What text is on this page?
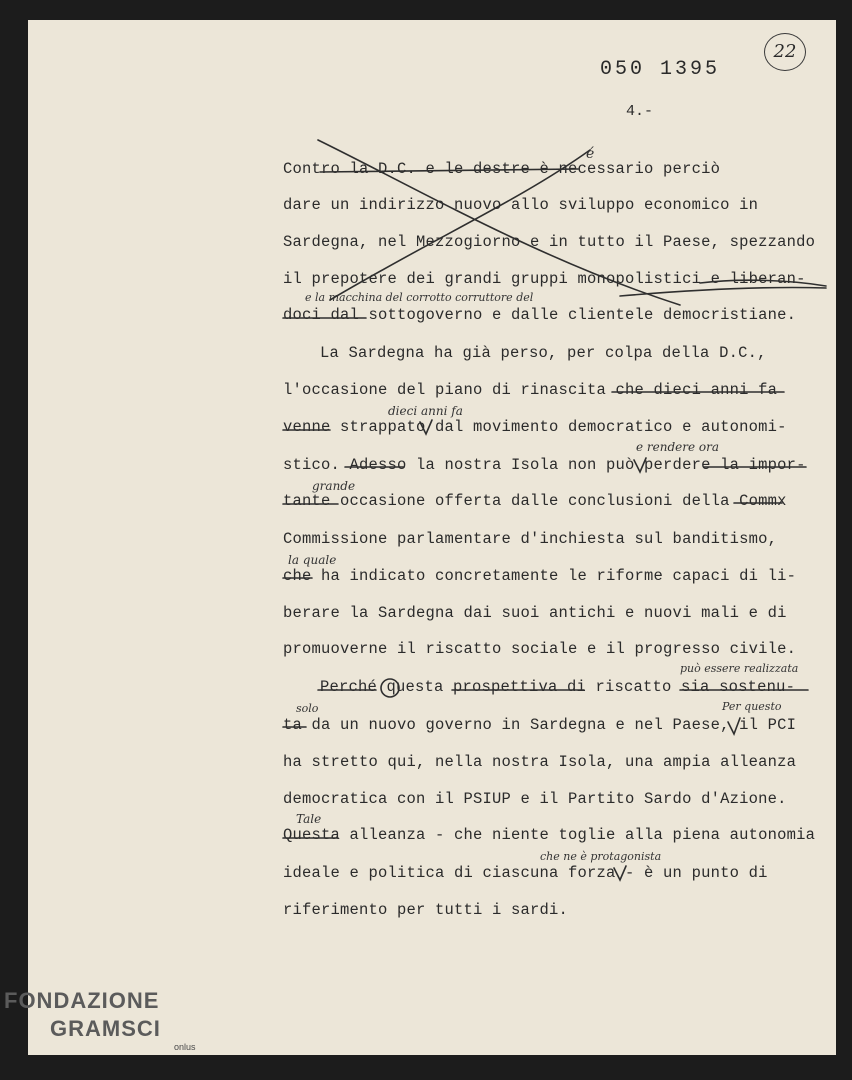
050 1395
22
4.-
Contro la D.C. e le destre è necessario perciò
dare un indirizzo nuovo allo sviluppo economico in
Sardegna, nel Mezzogiorno e in tutto il Paese, spezzando
il prepotere dei grandi gruppi monopolistici e liberan-
doci dal sottogoverno e dalle clientele democristiane.
La Sardegna ha già perso, per colpa della D.C.,
l'occasione del piano di rinascita che dieci anni fa
venne strappato dal movimento democratico e autonomi-
stico. Adesso la nostra Isola non può perdere la impor-
tante occasione offerta dalle conclusioni della Commx
Commissione parlamentare d'inchiesta sul banditismo,
che ha indicato concretamente le riforme capaci di li-
berare la Sardegna dai suoi antichi e nuovi mali e di
promuoverne il riscatto sociale e il progresso civile.
Perché questa prospettiva di riscatto sia sostenu-
ta da un nuovo governo in Sardegna e nel Paese, il PCI
ha stretto qui, nella nostra Isola, una ampia alleanza
democratica con il PSIUP e il Partito Sardo d'Azione.
Questa alleanza - che niente toglie alla piena autonomia
ideale e politica di ciascuna forza - è un punto di
riferimento per tutti i sardi.
é
e la macchina del corrotto corruttore del
dieci anni fa
e rendere ora
grande
la quale
può essere realizzata
Per questo
solo
Tale
che ne è protagonista
FONDAZIONE
GRAMSCI
onlus
